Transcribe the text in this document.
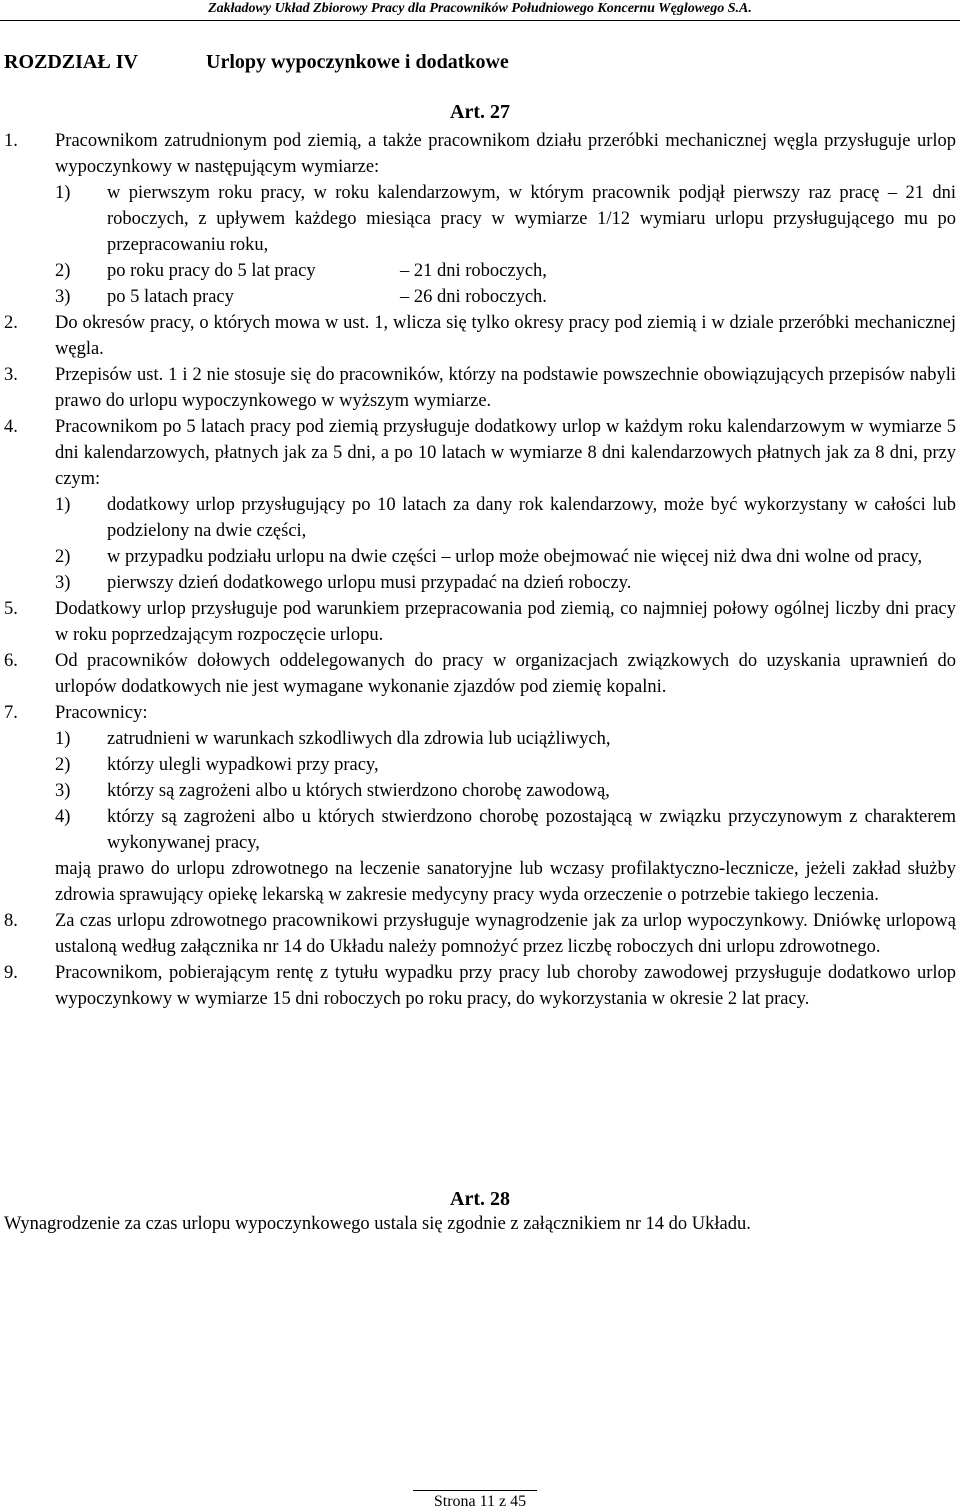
Zakładowy Układ Zbiorowy Pracy dla Pracowników Południowego Koncernu Węglowego S.A.
ROZDZIAŁ IV	Urlopy wypoczynkowe i dodatkowe
Art. 27
1. Pracownikom zatrudnionym pod ziemią, a także pracownikom działu przeróbki mechanicznej węgla przysługuje urlop wypoczynkowy w następującym wymiarze:
1) w pierwszym roku pracy, w roku kalendarzowym, w którym pracownik podjął pierwszy raz pracę – 21 dni roboczych, z upływem każdego miesiąca pracy w wymiarze 1/12 wymiaru urlopu przysługującego mu po przepracowaniu roku,
2) po roku pracy do 5 lat pracy	– 21 dni roboczych,
3) po 5 latach pracy	– 26 dni roboczych.
2. Do okresów pracy, o których mowa w ust. 1, wlicza się tylko okresy pracy pod ziemią i w dziale przeróbki mechanicznej węgla.
3. Przepisów ust. 1 i 2 nie stosuje się do pracowników, którzy na podstawie powszechnie obowiązujących przepisów nabyli prawo do urlopu wypoczynkowego w wyższym wymiarze.
4. Pracownikom po 5 latach pracy pod ziemią przysługuje dodatkowy urlop w każdym roku kalendarzowym w wymiarze 5 dni kalendarzowych, płatnych jak za 5 dni, a po 10 latach w wymiarze 8 dni kalendarzowych płatnych jak za 8 dni, przy czym:
1) dodatkowy urlop przysługujący po 10 latach za dany rok kalendarzowy, może być wykorzystany w całości lub podzielony na dwie części,
2) w przypadku podziału urlopu na dwie części – urlop może obejmować nie więcej niż dwa dni wolne od pracy,
3) pierwszy dzień dodatkowego urlopu musi przypadać na dzień roboczy.
5. Dodatkowy urlop przysługuje pod warunkiem przepracowania pod ziemią, co najmniej połowy ogólnej liczby dni pracy w roku poprzedzającym rozpoczęcie urlopu.
6. Od pracowników dołowych oddelegowanych do pracy w organizacjach związkowych do uzyskania uprawnień do urlopów dodatkowych nie jest wymagane wykonanie zjazdów pod ziemię kopalni.
7. Pracownicy:
1) zatrudnieni w warunkach szkodliwych dla zdrowia lub uciążliwych,
2) którzy ulegli wypadkowi przy pracy,
3) którzy są zagrożeni albo u których stwierdzono chorobę zawodową,
4) którzy są zagrożeni albo u których stwierdzono chorobę pozostającą w związku przyczynowym z charakterem wykonywanej pracy,
mają prawo do urlopu zdrowotnego na leczenie sanatoryjne lub wczasy profilaktyczno-lecznicze, jeżeli zakład służby zdrowia sprawujący opiekę lekarską w zakresie medycyny pracy wyda orzeczenie o potrzebie takiego leczenia.
8. Za czas urlopu zdrowotnego pracownikowi przysługuje wynagrodzenie jak za urlop wypoczynkowy. Dniówkę urlopową ustaloną według załącznika nr 14 do Układu należy pomnożyć przez liczbę roboczych dni urlopu zdrowotnego.
9. Pracownikom, pobierającym rentę z tytułu wypadku przy pracy lub choroby zawodowej przysługuje dodatkowo urlop wypoczynkowy w wymiarze 15 dni roboczych po roku pracy, do wykorzystania w okresie 2 lat pracy.
Art. 28
Wynagrodzenie za czas urlopu wypoczynkowego ustala się zgodnie z załącznikiem nr 14 do Układu.
Strona 11 z 45
